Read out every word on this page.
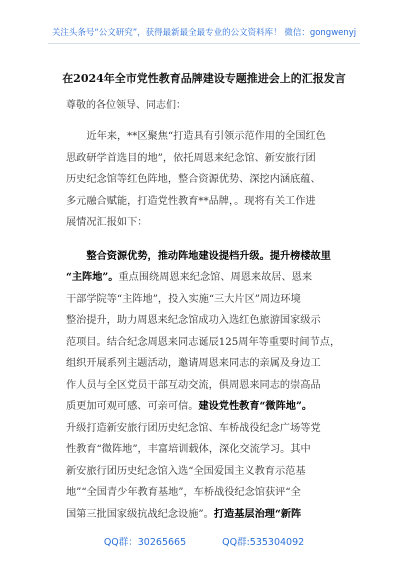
关注头条号“公文研究”，获得最新最全最专业的公文资料库！ 微信：gongwenyj
在2024年全市党性教育品牌建设专题推进会上的汇报发言
尊敬的各位领导、同志们：
近年来，**区聚焦“打造具有引领示范作用的全国红色
思政研学首选目的地”，依托周恩来纪念馆、新安旅行团
历史纪念馆等红色阵地，整合资源优势、深挖内涵底蕴、
多元融合赋能，打造党性教育**品牌，。现将有关工作进
展情况汇报如下：
整合资源优势，推动阵地建设提档升级。提升榜楼故里
“主阵地”。重点围绕周恩来纪念馆、周恩来故居、恩来
干部学院等“主阵地”，投入实施“三大片区”周边环境
整治提升，助力周恩来纪念馆成功入选红色旅游国家级示
范项目。结合纪念周恩来同志诞辰125周年等重要时间节点，
组织开展系列主题活动，邀请周恩来同志的亲属及身边工
作人员与全区党员干部互动交流，俱周恩来同志的崇高品
质更加可观可感、可亲可信。建设党性教育“微阵地”。
升级打造新安旅行团历史纪念馆、车桥战役纪念广场等党
性教育“微阵地”，丰富培训载体，深化交流学习。其中
新安旅行团历史纪念馆入选“全国爱国主义教育示范基
地”“全国青少年教育基地”，车桥战役纪念馆获评“全
国第三批国家级抗战纪念设施”。打造基层治理“新阵
QQ群：30265665	QQ群:535304092
